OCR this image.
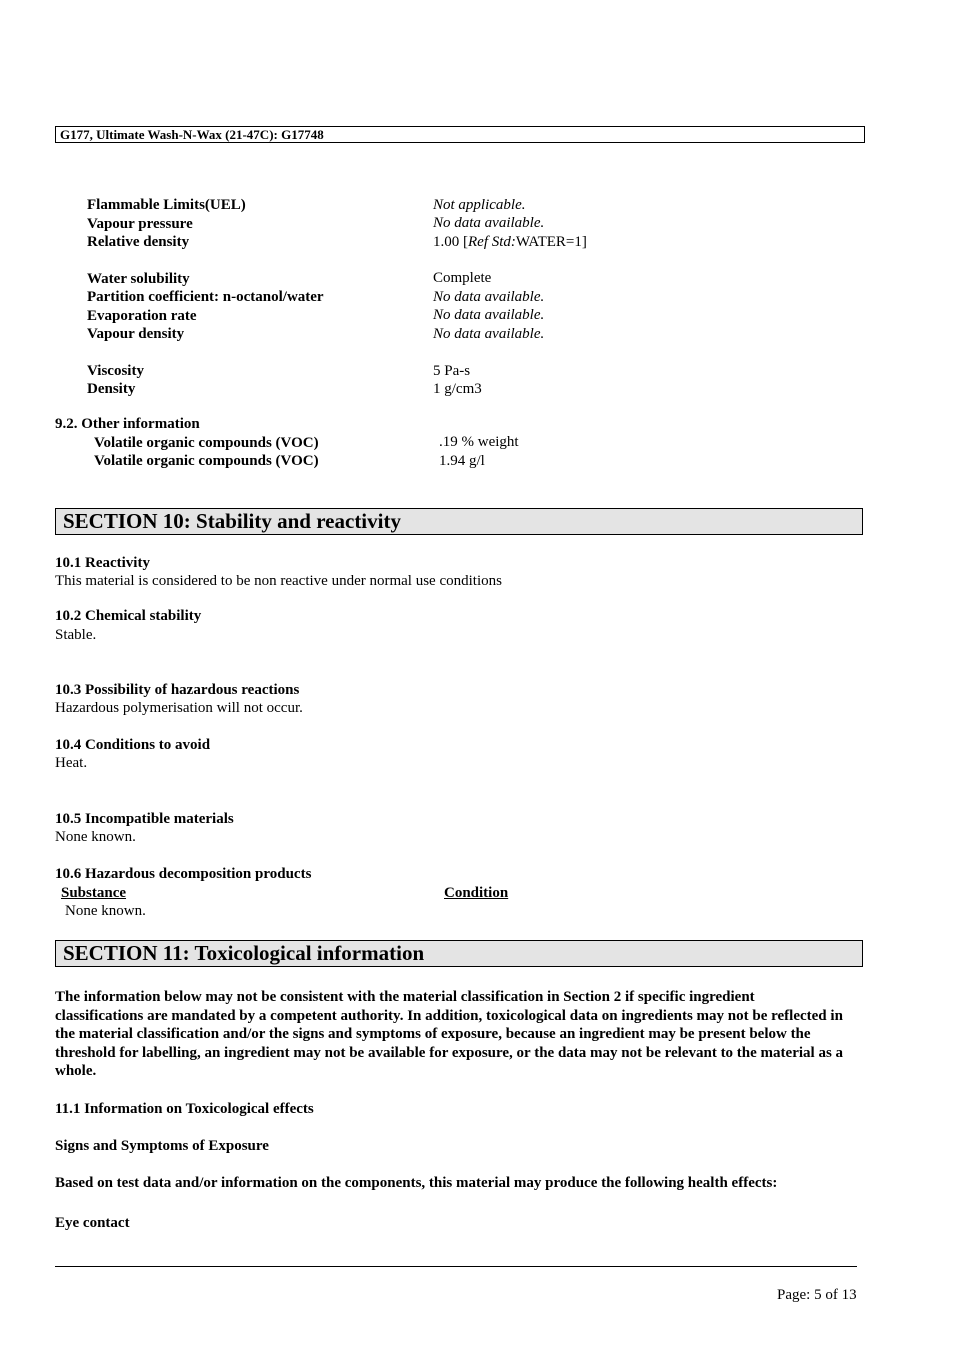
G177, Ultimate Wash-N-Wax (21-47C): G17748
Flammable Limits(UEL)	Not applicable.
Vapour pressure	No data available.
Relative density	1.00 [Ref Std:WATER=1]
Water solubility	Complete
Partition coefficient: n-octanol/water	No data available.
Evaporation rate	No data available.
Vapour density	No data available.
Viscosity	5 Pa-s
Density	1 g/cm3
9.2. Other information
Volatile organic compounds (VOC)	.19 % weight
Volatile organic compounds (VOC)	1.94 g/l
SECTION 10: Stability and reactivity
10.1 Reactivity
This material is considered to be non reactive under normal use conditions
10.2 Chemical stability
Stable.
10.3 Possibility of hazardous reactions
Hazardous polymerisation will not occur.
10.4 Conditions to avoid
Heat.
10.5 Incompatible materials
None known.
10.6 Hazardous decomposition products
Substance	Condition
None known.
SECTION 11: Toxicological information
The information below may not be consistent with the material classification in Section 2 if specific ingredient classifications are mandated by a competent authority. In addition, toxicological data on ingredients may not be reflected in the material classification and/or the signs and symptoms of exposure, because an ingredient may be present below the threshold for labelling, an ingredient may not be available for exposure, or the data may not be relevant to the material as a whole.
11.1 Information on Toxicological effects
Signs and Symptoms of Exposure
Based on test data and/or information on the components, this material may produce the following health effects:
Eye contact
Page: 5 of 13
